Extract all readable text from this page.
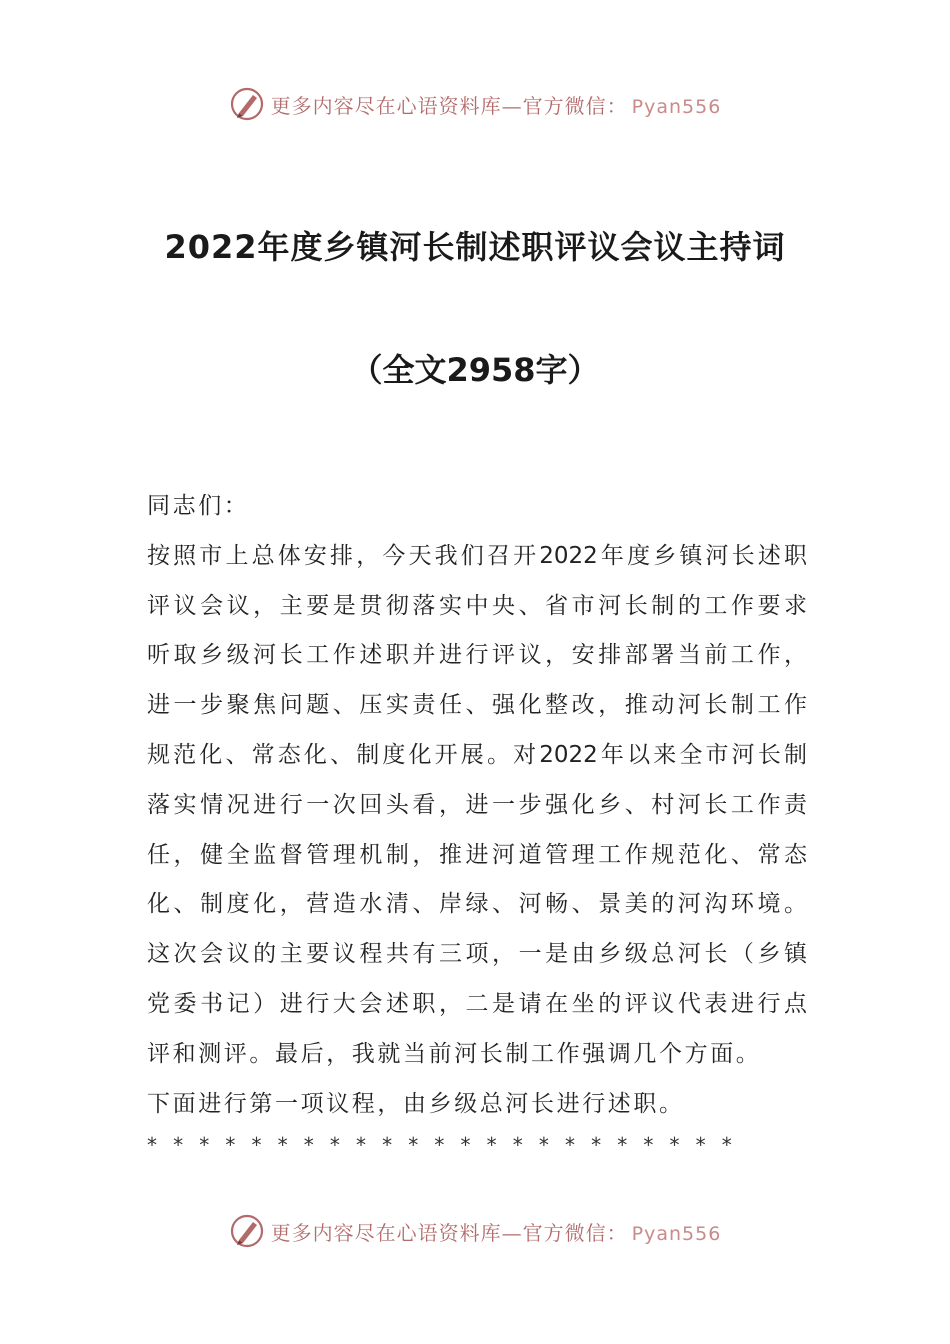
更多内容尽在心语资料库—官方微信： Pyan556
2022年度乡镇河长制述职评议会议主持词
（全文2958字）
同志们：
按照市上总体安排，今天我们召开2022年度乡镇河长述职
评议会议，主要是贯彻落实中央、省市河长制的工作要求
听取乡级河长工作述职并进行评议，安排部署当前工作，
进一步聚焦问题、压实责任、强化整改，推动河长制工作
规范化、常态化、制度化开展。对2022年以来全市河长制
落实情况进行一次回头看，进一步强化乡、村河长工作责
任，健全监督管理机制，推进河道管理工作规范化、常态
化、制度化，营造水清、岸绿、河畅、景美的河沟环境。
这次会议的主要议程共有三项，一是由乡级总河长（乡镇
党委书记）进行大会述职，二是请在坐的评议代表进行点
评和测评。最后，我就当前河长制工作强调几个方面。
下面进行第一项议程，由乡级总河长进行述职。
* * * * * * * * * * * * * * * * * * * * * * *
更多内容尽在心语资料库—官方微信： Pyan556
